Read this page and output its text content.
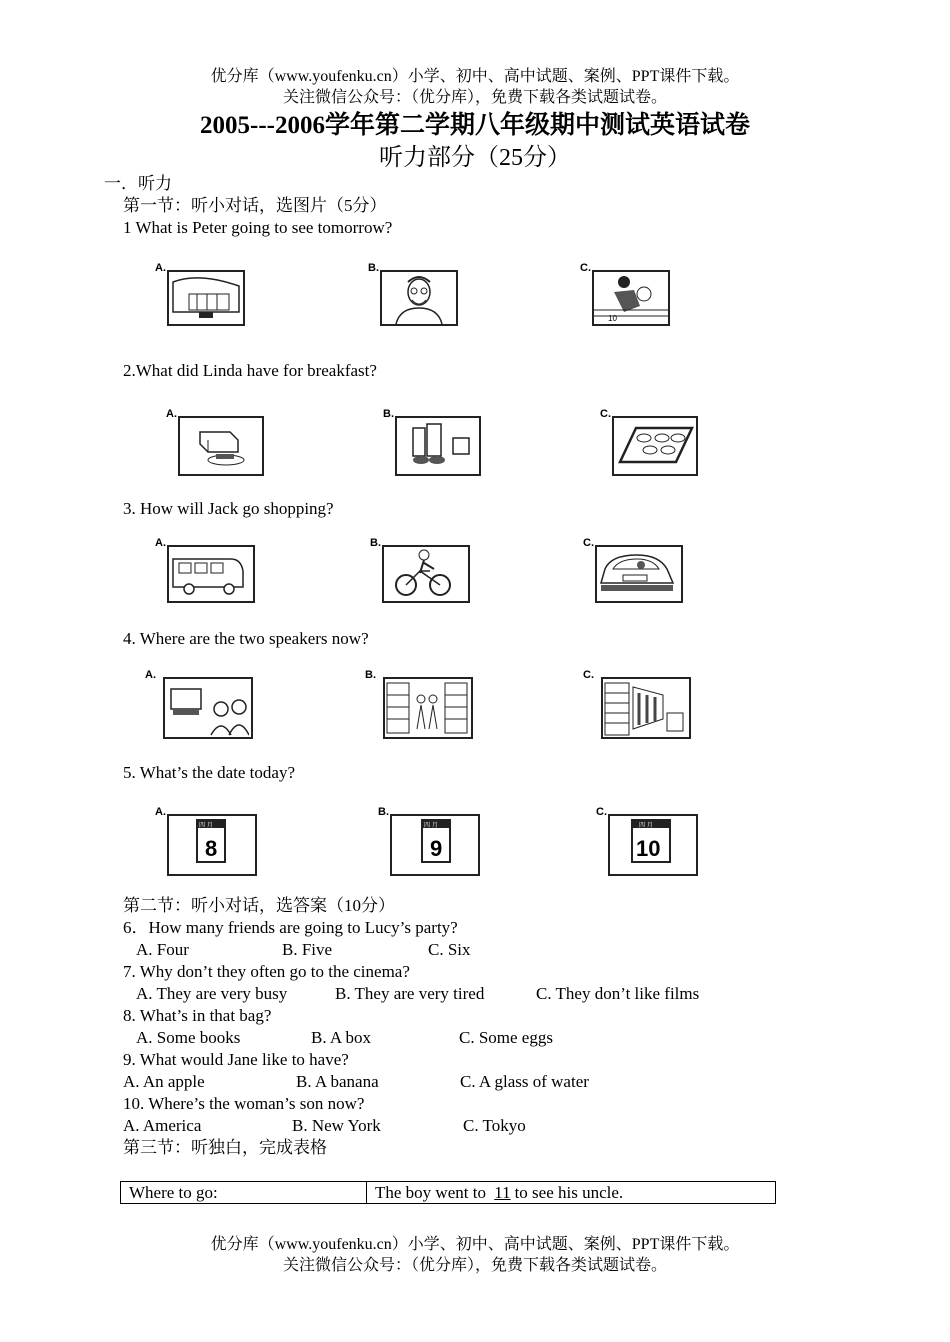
优分库（www.youfenku.cn）小学、初中、高中试题、案例、PPT课件下载。
关注微信公众号：（优分库），免费下载各类试题试卷。
2005---2006学年第二学期八年级期中测试英语试卷
听力部分（25分）
一．听力
第一节：听小对话，选图片（5分）
1 What is Peter going to see tomorrow?
A.	B.	C.
10
2.What did Linda have for breakfast?
A.	B.	C.
3. How will Jack go shopping?
A.	B.	C.
4. Where are the two speakers now?
A.	B.	C.
5. What’s the date today?
A.
四 月
8
B.
四 月
9
C.
四 月
10
第二节：听小对话，选答案（10分）
6．How many friends are going to Lucy’s party?
A. Four	B. Five	C. Six
7. Why don’t they often go to the cinema?
A. They are very busy	B. They are very tired	C. They don’t like films
8. What’s in that bag?
A. Some books	B. A box	C. Some eggs
9. What would Jane like to have?
A. An apple	B. A banana	C. A glass of water
10. Where’s the woman’s son now?
A. America	B. New York	C. Tokyo
第三节：听独白，完成表格
Where to go:	The boy went to 11 to see his uncle.
优分库（www.youfenku.cn）小学、初中、高中试题、案例、PPT课件下载。
关注微信公众号：（优分库），免费下载各类试题试卷。
